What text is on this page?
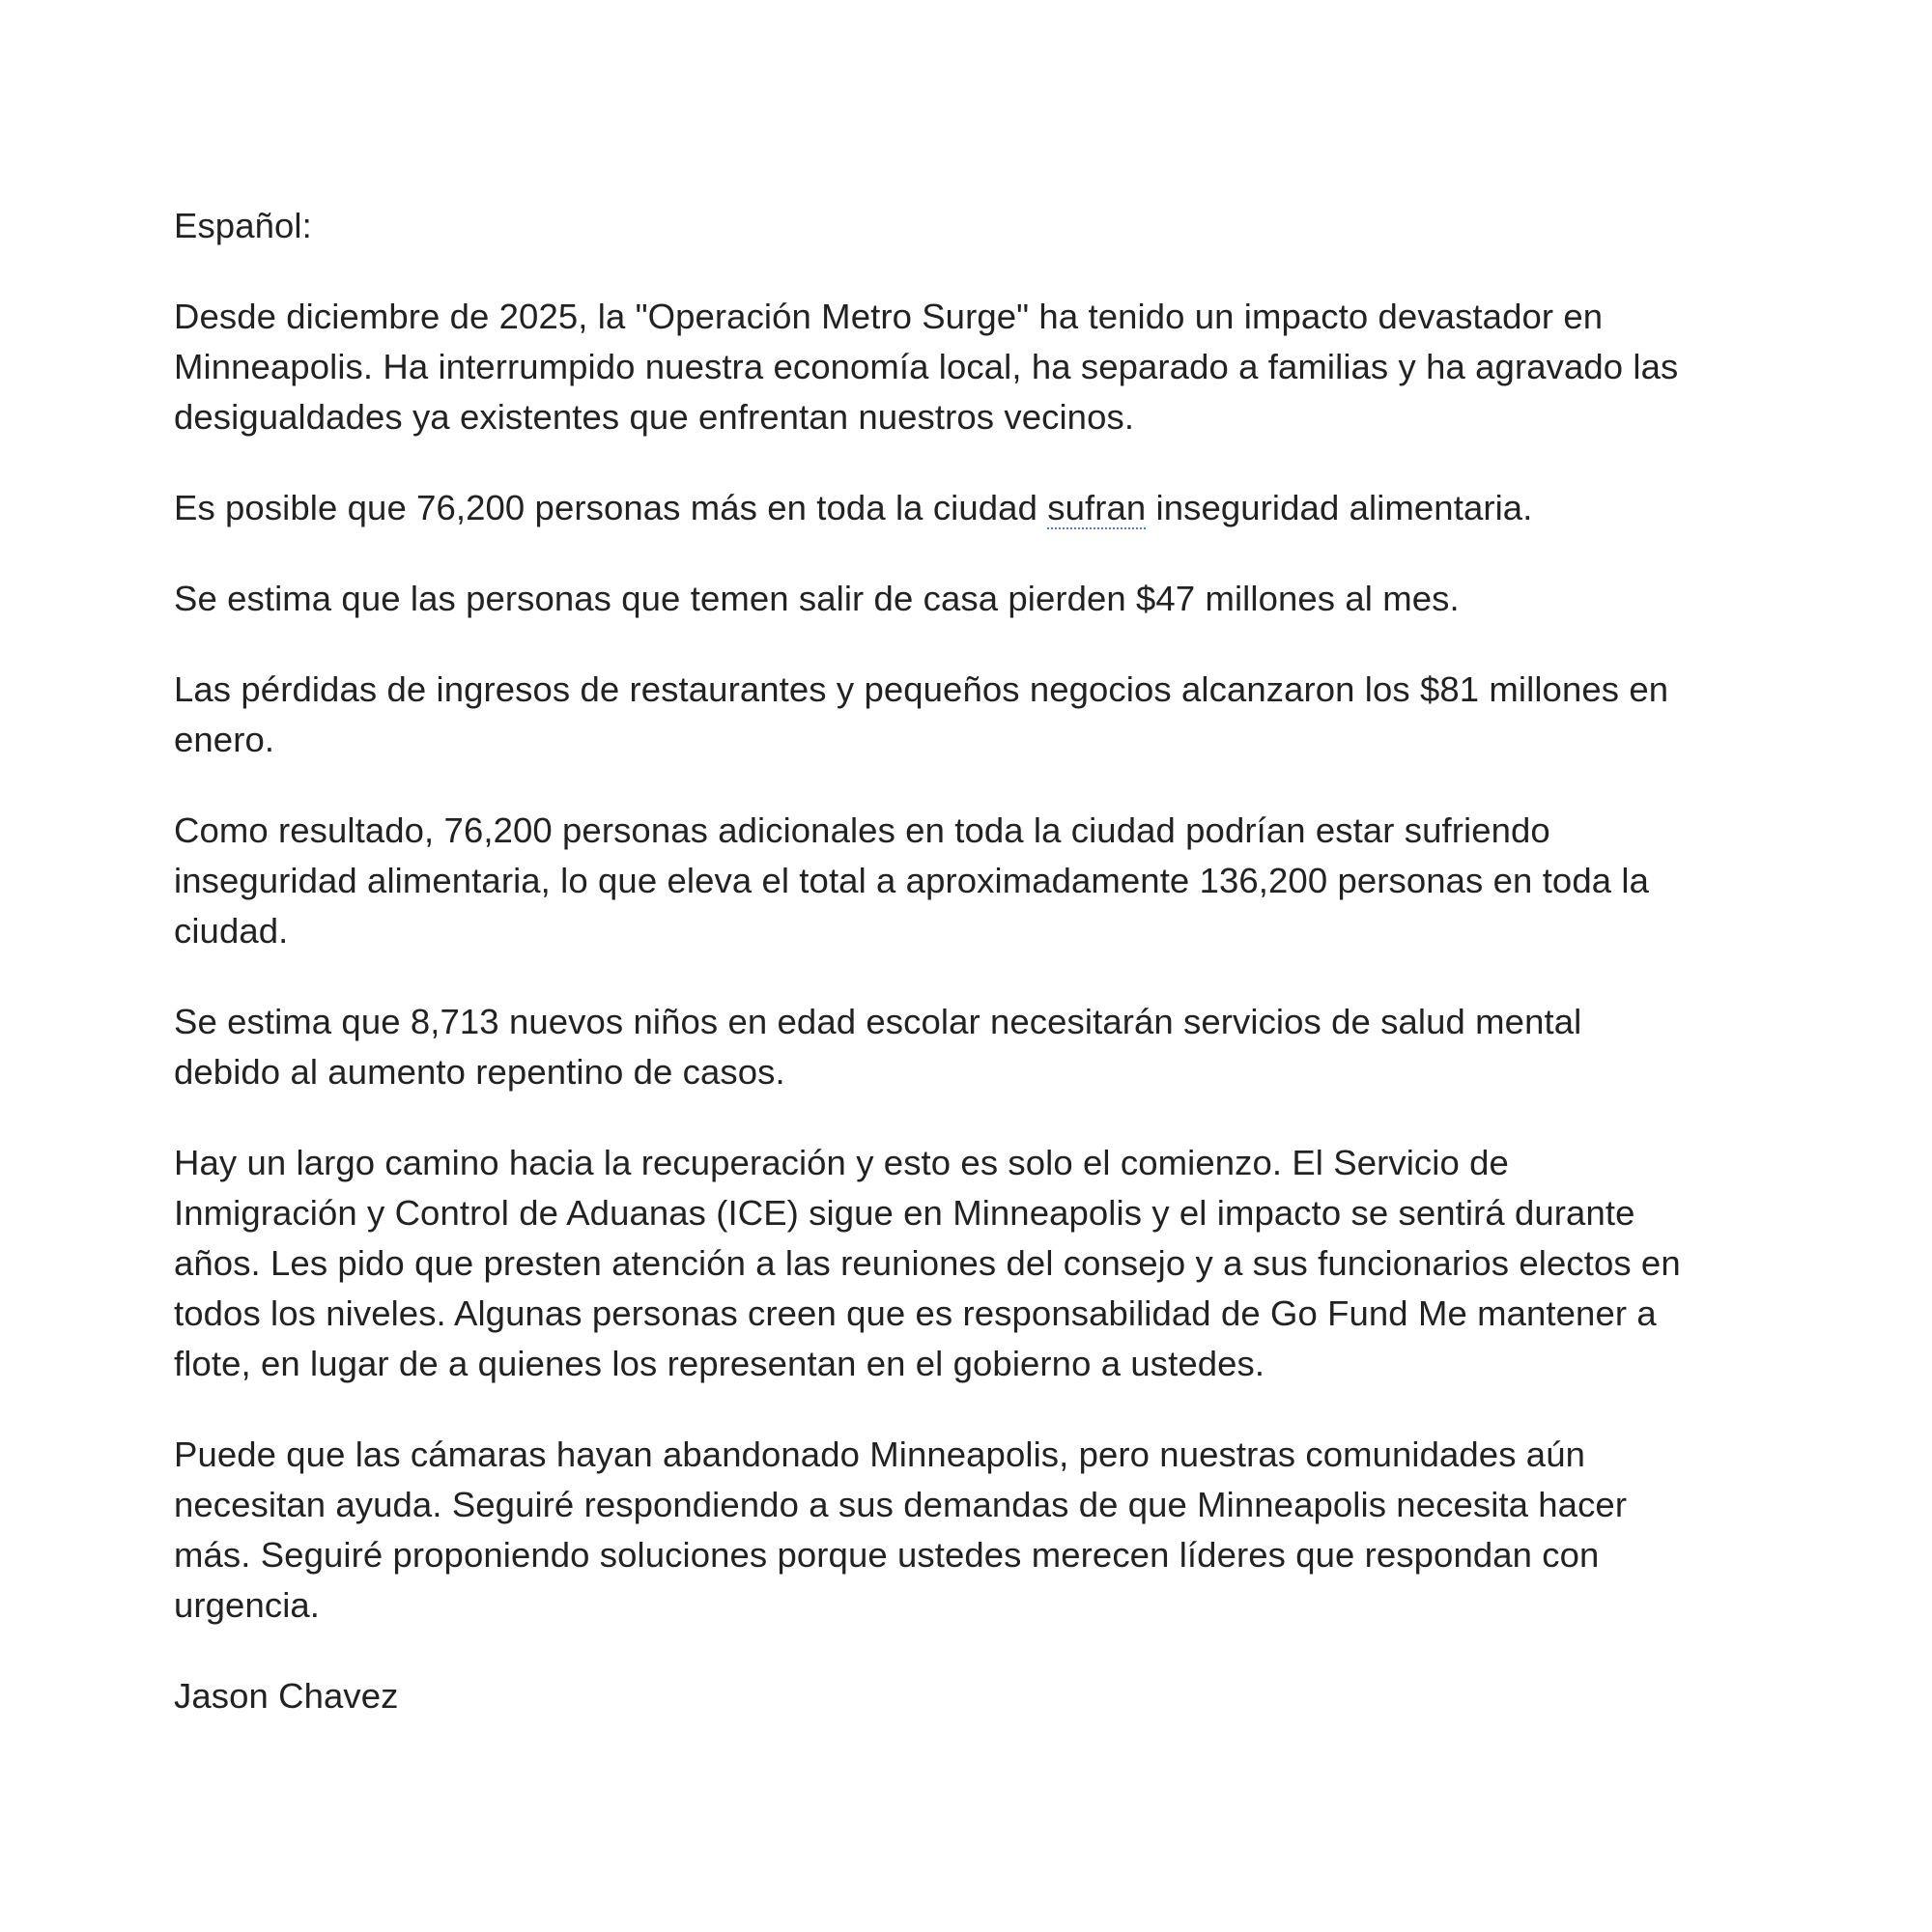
Español:

Desde diciembre de 2025, la "Operación Metro Surge" ha tenido un impacto devastador en
Minneapolis. Ha interrumpido nuestra economía local, ha separado a familias y ha agravado las
desigualdades ya existentes que enfrentan nuestros vecinos.

Es posible que 76,200 personas más en toda la ciudad sufran inseguridad alimentaria.

Se estima que las personas que temen salir de casa pierden $47 millones al mes.

Las pérdidas de ingresos de restaurantes y pequeños negocios alcanzaron los $81 millones en
enero.

Como resultado, 76,200 personas adicionales en toda la ciudad podrían estar sufriendo
inseguridad alimentaria, lo que eleva el total a aproximadamente 136,200 personas en toda la
ciudad.

Se estima que 8,713 nuevos niños en edad escolar necesitarán servicios de salud mental
debido al aumento repentino de casos.

Hay un largo camino hacia la recuperación y esto es solo el comienzo. El Servicio de
Inmigración y Control de Aduanas (ICE) sigue en Minneapolis y el impacto se sentirá durante
años. Les pido que presten atención a las reuniones del consejo y a sus funcionarios electos en
todos los niveles. Algunas personas creen que es responsabilidad de Go Fund Me mantener a
flote, en lugar de a quienes los representan en el gobierno a ustedes.

Puede que las cámaras hayan abandonado Minneapolis, pero nuestras comunidades aún
necesitan ayuda. Seguiré respondiendo a sus demandas de que Minneapolis necesita hacer
más. Seguiré proponiendo soluciones porque ustedes merecen líderes que respondan con
urgencia.

Jason Chavez
